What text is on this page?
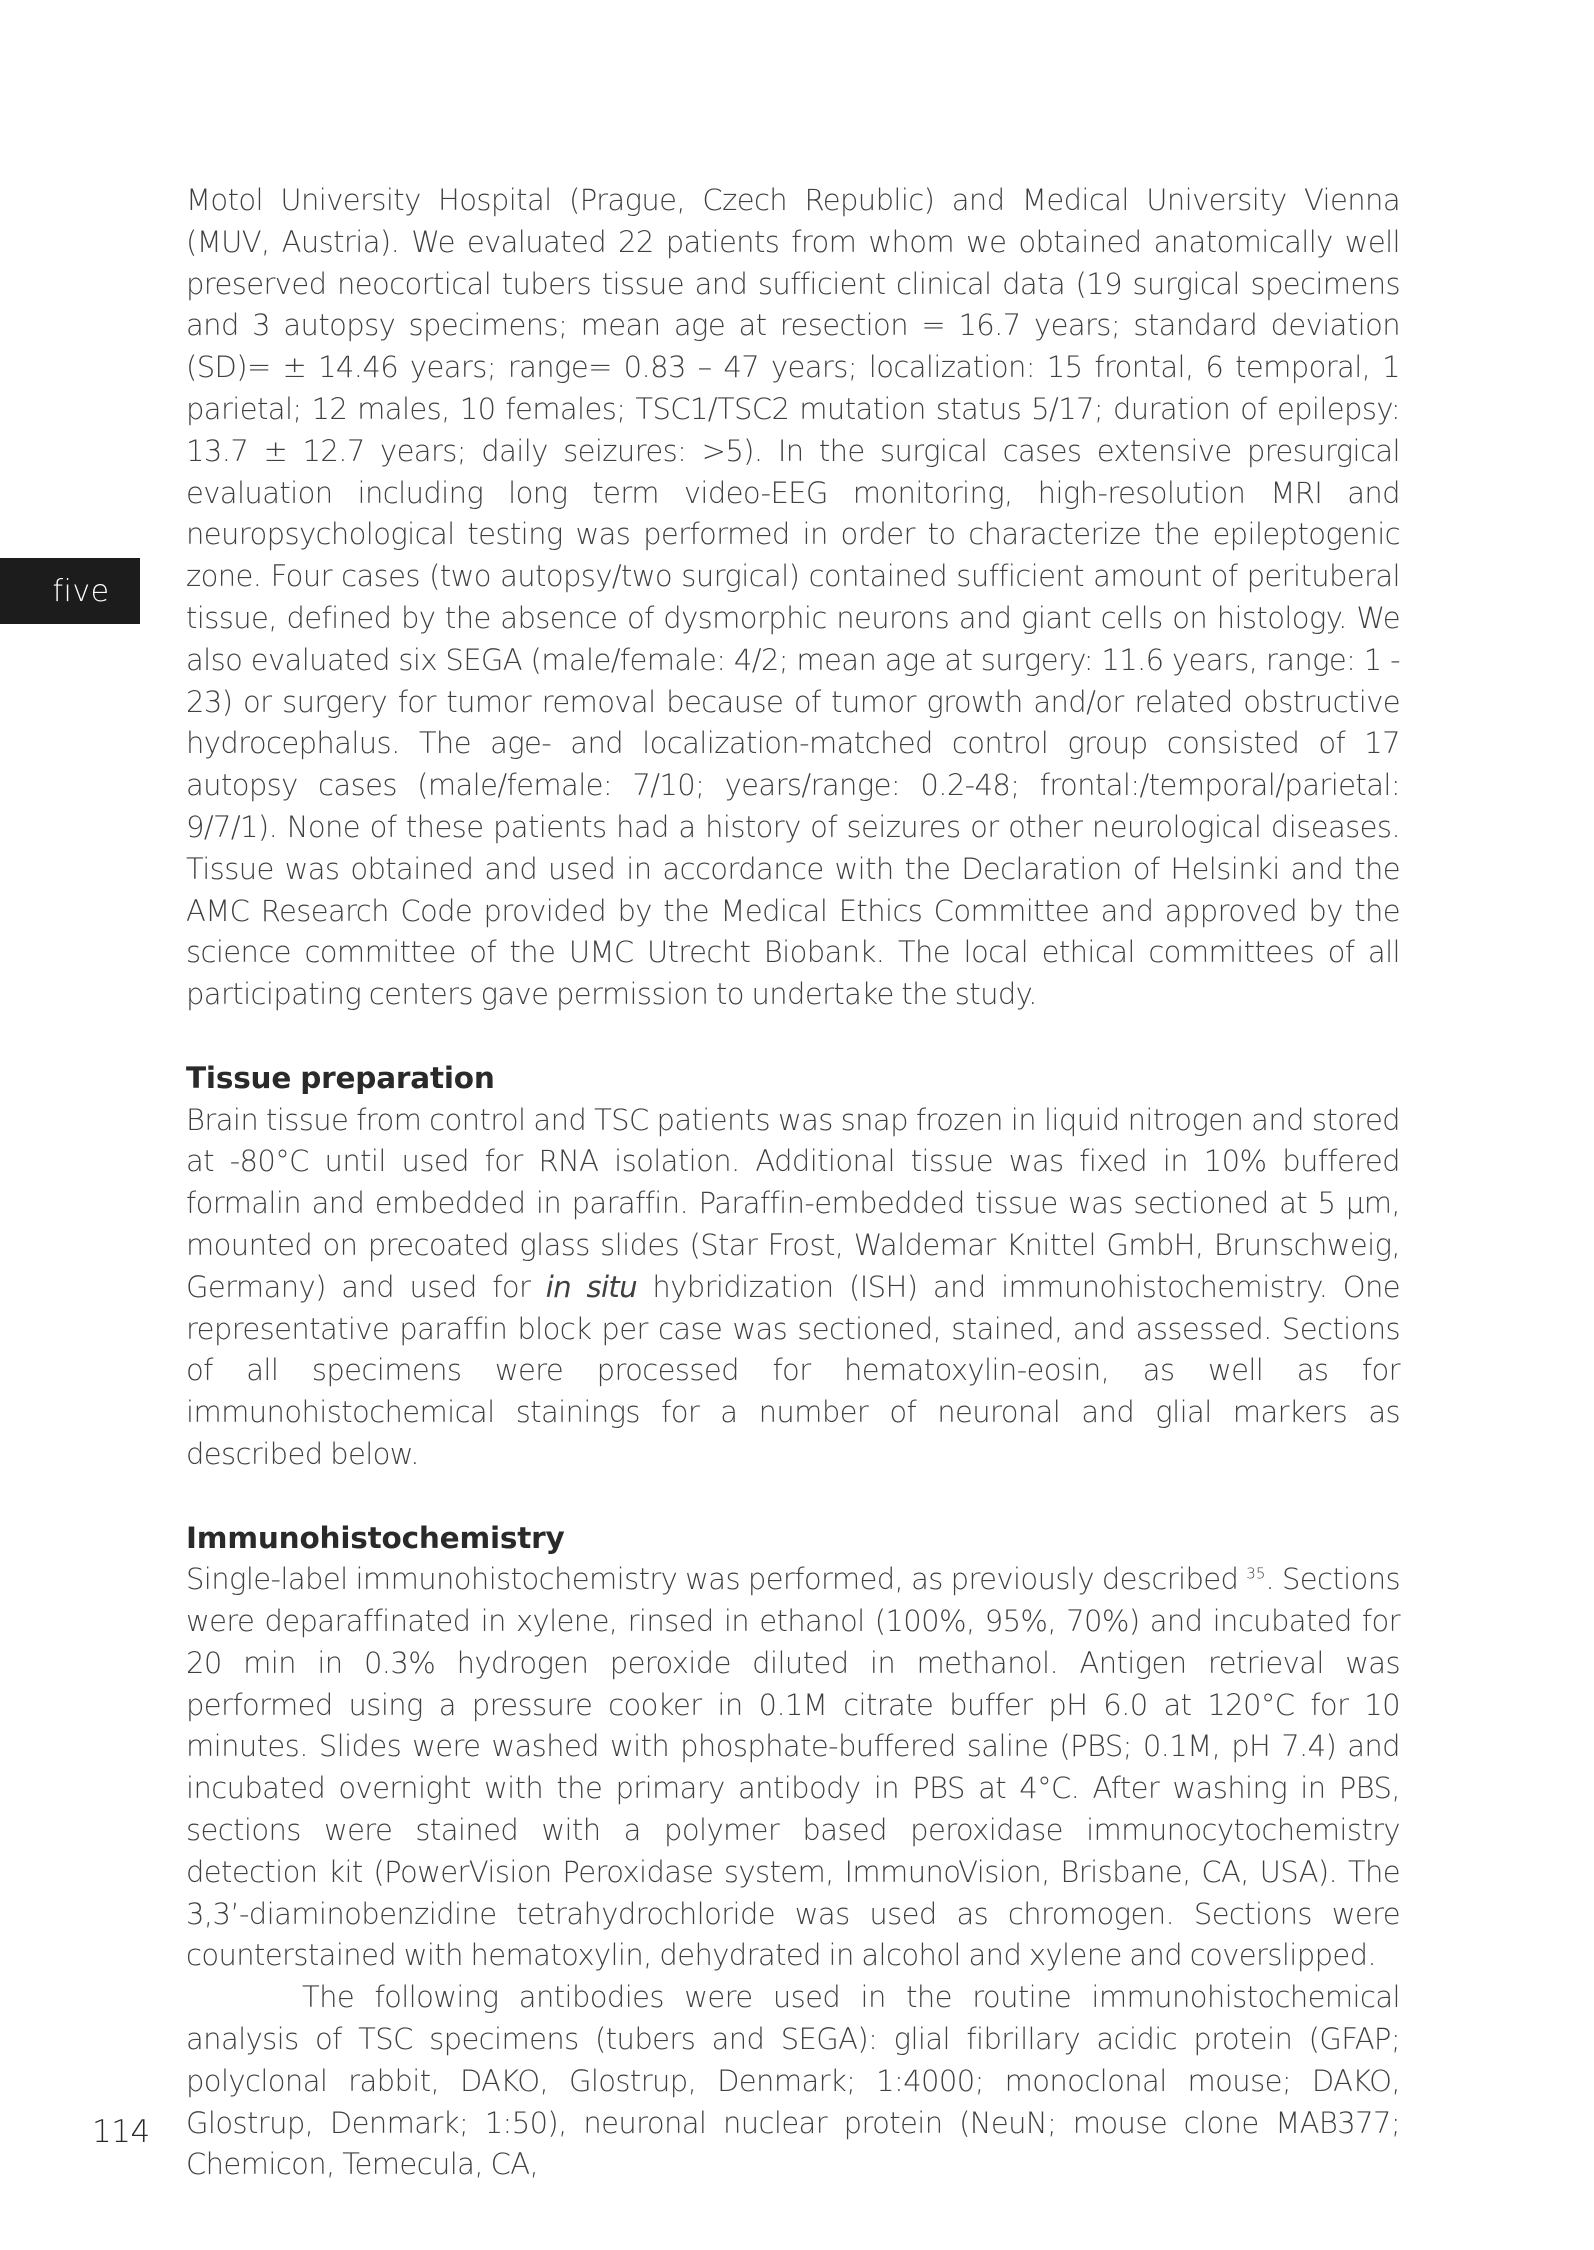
five

Motol University Hospital (Prague, Czech Republic) and Medical University Vienna (MUV, Austria). We evaluated 22 patients from whom we obtained anatomically well preserved neocortical tubers tissue and sufficient clinical data (19 surgical specimens and 3 autopsy specimens; mean age at resection = 16.7 years; standard deviation (SD)= ± 14.46 years; range= 0.83 – 47 years; localization: 15 frontal, 6 temporal, 1 parietal; 12 males, 10 females; TSC1/TSC2 mutation status 5/17; duration of epilepsy: 13.7 ± 12.7 years; daily seizures: >5). In the surgical cases extensive presurgical evaluation including long term video-EEG monitoring, high-resolution MRI and neuropsychological testing was performed in order to characterize the epileptogenic zone. Four cases (two autopsy/two surgical) contained sufficient amount of perituberal tissue, defined by the absence of dysmorphic neurons and giant cells on histology. We also evaluated six SEGA (male/female: 4/2; mean age at surgery: 11.6 years, range: 1 - 23) or surgery for tumor removal because of tumor growth and/or related obstructive hydrocephalus. The age- and localization-matched control group consisted of 17 autopsy cases (male/female: 7/10; years/range: 0.2-48; frontal:/temporal/parietal: 9/7/1). None of these patients had a history of seizures or other neurological diseases. Tissue was obtained and used in accordance with the Declaration of Helsinki and the AMC Research Code provided by the Medical Ethics Committee and approved by the science committee of the UMC Utrecht Biobank. The local ethical committees of all participating centers gave permission to undertake the study.

Tissue preparation

Brain tissue from control and TSC patients was snap frozen in liquid nitrogen and stored at -80°C until used for RNA isolation. Additional tissue was fixed in 10% buffered formalin and embedded in paraffin. Paraffin-embedded tissue was sectioned at 5 µm, mounted on precoated glass slides (Star Frost, Waldemar Knittel GmbH, Brunschweig, Germany) and used for in situ hybridization (ISH) and immunohistochemistry. One representative paraffin block per case was sectioned, stained, and assessed. Sections of all specimens were processed for hematoxylin-eosin, as well as for immunohistochemical stainings for a number of neuronal and glial markers as described below.

Immunohistochemistry

Single-label immunohistochemistry was performed, as previously described $^{35}$. Sections were deparaffinated in xylene, rinsed in ethanol (100%, 95%, 70%) and incubated for 20 min in 0.3% hydrogen peroxide diluted in methanol. Antigen retrieval was performed using a pressure cooker in 0.1M citrate buffer pH 6.0 at 120°C for 10 minutes. Slides were washed with phosphate-buffered saline (PBS; 0.1M, pH 7.4) and incubated overnight with the primary antibody in PBS at 4°C. After washing in PBS, sections were stained with a polymer based peroxidase immunocytochemistry detection kit (PowerVision Peroxidase system, ImmunoVision, Brisbane, CA, USA). The 3,3’-diaminobenzidine tetrahydrochloride was used as chromogen. Sections were counterstained with hematoxylin, dehydrated in alcohol and xylene and coverslipped.

The following antibodies were used in the routine immunohistochemical analysis of TSC specimens (tubers and SEGA): glial fibrillary acidic protein (GFAP; polyclonal rabbit, DAKO, Glostrup, Denmark; 1:4000; monoclonal mouse; DAKO, Glostrup, Denmark; 1:50), neuronal nuclear protein (NeuN; mouse clone MAB377; Chemicon, Temecula, CA,

114
